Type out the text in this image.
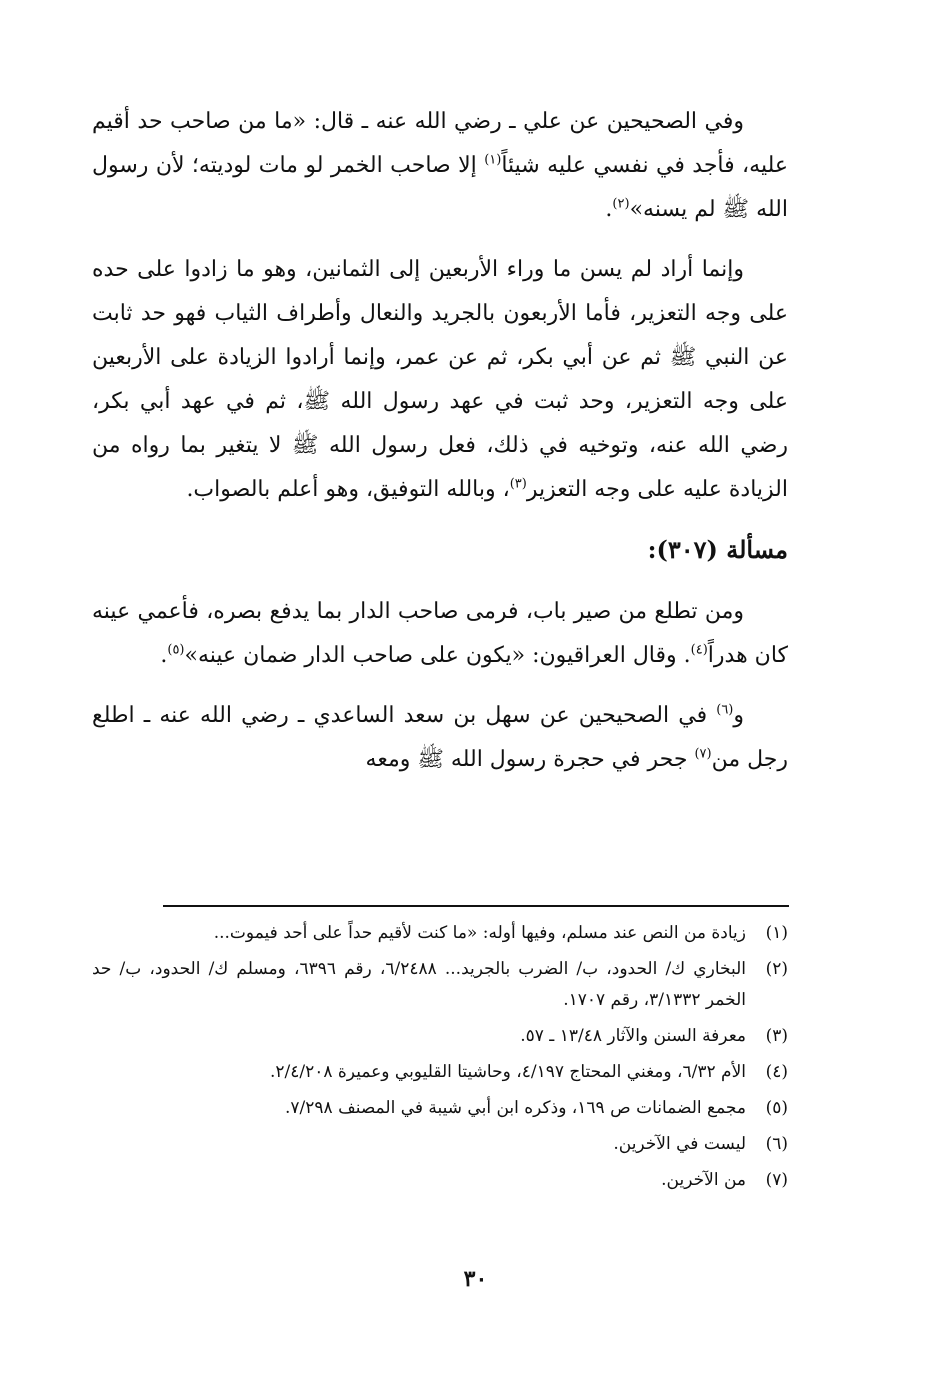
وفي الصحيحين عن علي ـ رضي الله عنه ـ قال: «ما من صاحب حد أقيم عليه، فأجد في نفسي عليه شيئاً$^{(١)}$ إلا صاحب الخمر لو مات لوديته؛ لأن رسول الله ﷺ لم يسنه»$^{(٢)}$.

وإنما أراد لم يسن ما وراء الأربعين إلى الثمانين، وهو ما زادوا على حده على وجه التعزير، فأما الأربعون بالجريد والنعال وأطراف الثياب فهو حد ثابت عن النبي ﷺ ثم عن أبي بكر، ثم عن عمر، وإنما أرادوا الزيادة على الأربعين على وجه التعزير، وحد ثبت في عهد رسول الله ﷺ، ثم في عهد أبي بكر، رضي الله عنه، وتوخيه في ذلك، فعل رسول الله ﷺ لا يتغير بما رواه من الزيادة عليه على وجه التعزير$^{(٣)}$، وبالله التوفيق، وهو أعلم بالصواب.

مسألة (٣٠٧):

ومن تطلع من صير باب، فرمى صاحب الدار بما يدفع بصره، فأعمي عينه كان هدراً$^{(٤)}$. وقال العراقيون: «يكون على صاحب الدار ضمان عينه»$^{(٥)}$.

و$^{(٦)}$ في الصحيحين عن سهل بن سعد الساعدي ـ رضي الله عنه ـ اطلع رجل من$^{(٧)}$ جحر في حجرة رسول الله ﷺ ومعه

(١)
زيادة من النص عند مسلم، وفيها أوله: «ما كنت لأقيم حداً على أحد فيموت...
(٢)
البخاري ك/ الحدود، ب/ الضرب بالجريد... ٦/٢٤٨٨، رقم ٦٣٩٦، ومسلم ك/ الحدود، ب/ حد الخمر ٣/١٣٣٢، رقم ١٧٠٧.
(٣)
معرفة السنن والآثار ١٣/٤٨ ـ ٥٧.
(٤)
الأم ٦/٣٢، ومغني المحتاج ٤/١٩٧، وحاشيتا القليوبي وعميرة ٢/٤/٢٠٨.
(٥)
مجمع الضمانات ص ١٦٩، وذكره ابن أبي شيبة في المصنف ٧/٢٩٨.
(٦)
ليست في الآخرين.
(٧)
من الآخرين.
٣٠
